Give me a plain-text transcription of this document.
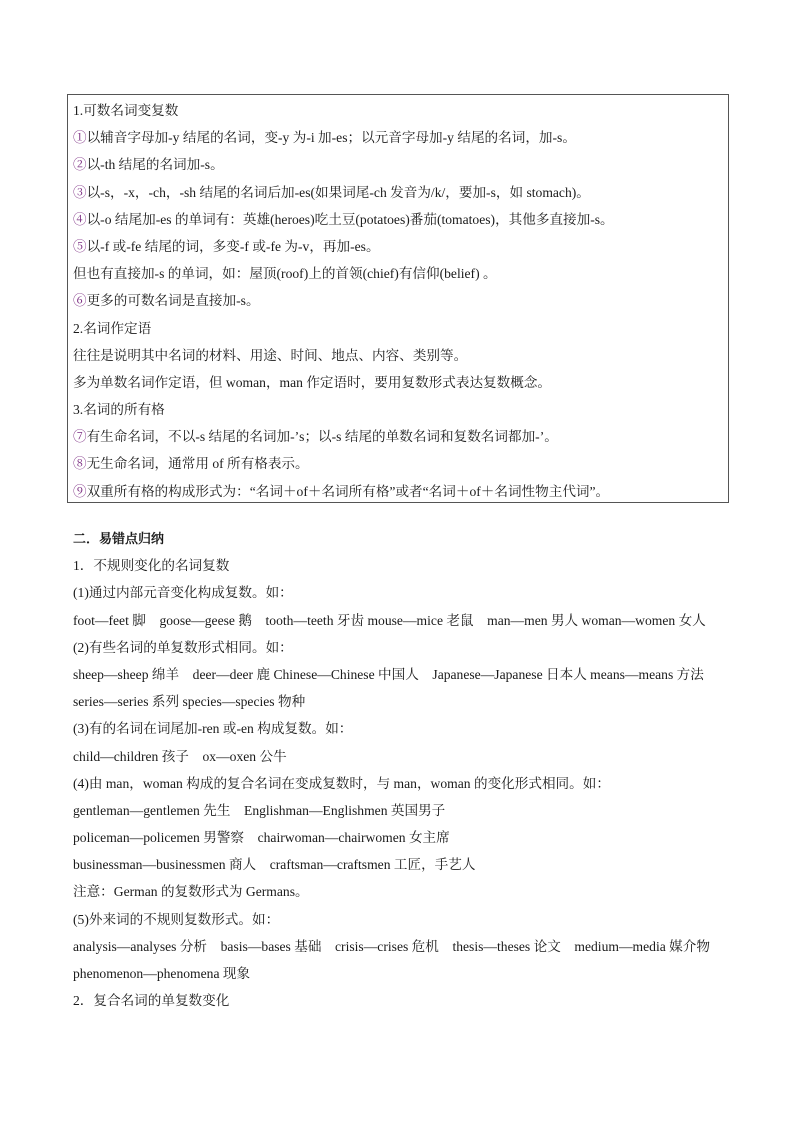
1.可数名词变复数
①以辅音字母加-y 结尾的名词，变-y 为-i 加-es；以元音字母加-y 结尾的名词，加-s。
②以-th 结尾的名词加-s。
③以-s，-x，-ch，-sh 结尾的名词后加-es(如果词尾-ch 发音为/k/，要加-s，如 stomach)。
④以-o 结尾加-es 的单词有：英雄(heroes)吃土豆(potatoes)番茄(tomatoes)，其他多直接加-s。
⑤以-f 或-fe 结尾的词，多变-f 或-fe 为-v，再加-es。
但也有直接加-s 的单词，如：屋顶(roof)上的首领(chief)有信仰(belief) 。
⑥更多的可数名词是直接加-s。
2.名词作定语
往往是说明其中名词的材料、用途、时间、地点、内容、类别等。
多为单数名词作定语，但 woman，man 作定语时，要用复数形式表达复数概念。
3.名词的所有格
⑦有生命名词，不以-s 结尾的名词加-’s；以-s 结尾的单数名词和复数名词都加-’。
⑧无生命名词，通常用 of 所有格表示。
⑨双重所有格的构成形式为：“名词＋of＋名词所有格”或者“名词＋of＋名词性物主代词”。
二．易错点归纳
1．不规则变化的名词复数
(1)通过内部元音变化构成复数。如：
foot—feet 脚　goose—geese 鹅　tooth—teeth 牙齿 mouse—mice 老鼠　man—men 男人 woman—women 女人
(2)有些名词的单复数形式相同。如：
sheep—sheep 绵羊　deer—deer 鹿 Chinese—Chinese 中国人　Japanese—Japanese 日本人 means—means 方法
series—series 系列 species—species 物种
(3)有的名词在词尾加-ren 或-en 构成复数。如：
child—children 孩子　ox—oxen 公牛
(4)由 man，woman 构成的复合名词在变成复数时，与 man，woman 的变化形式相同。如：
gentleman—gentlemen 先生　Englishman—Englishmen 英国男子
policeman—policemen 男警察　chairwoman—chairwomen 女主席
businessman—businessmen 商人　craftsman—craftsmen 工匠，手艺人
注意：German 的复数形式为 Germans。
(5)外来词的不规则复数形式。如：
analysis—analyses 分析　basis—bases 基础　crisis—crises 危机　thesis—theses 论文　medium—media 媒介物
phenomenon—phenomena 现象
2．复合名词的单复数变化
